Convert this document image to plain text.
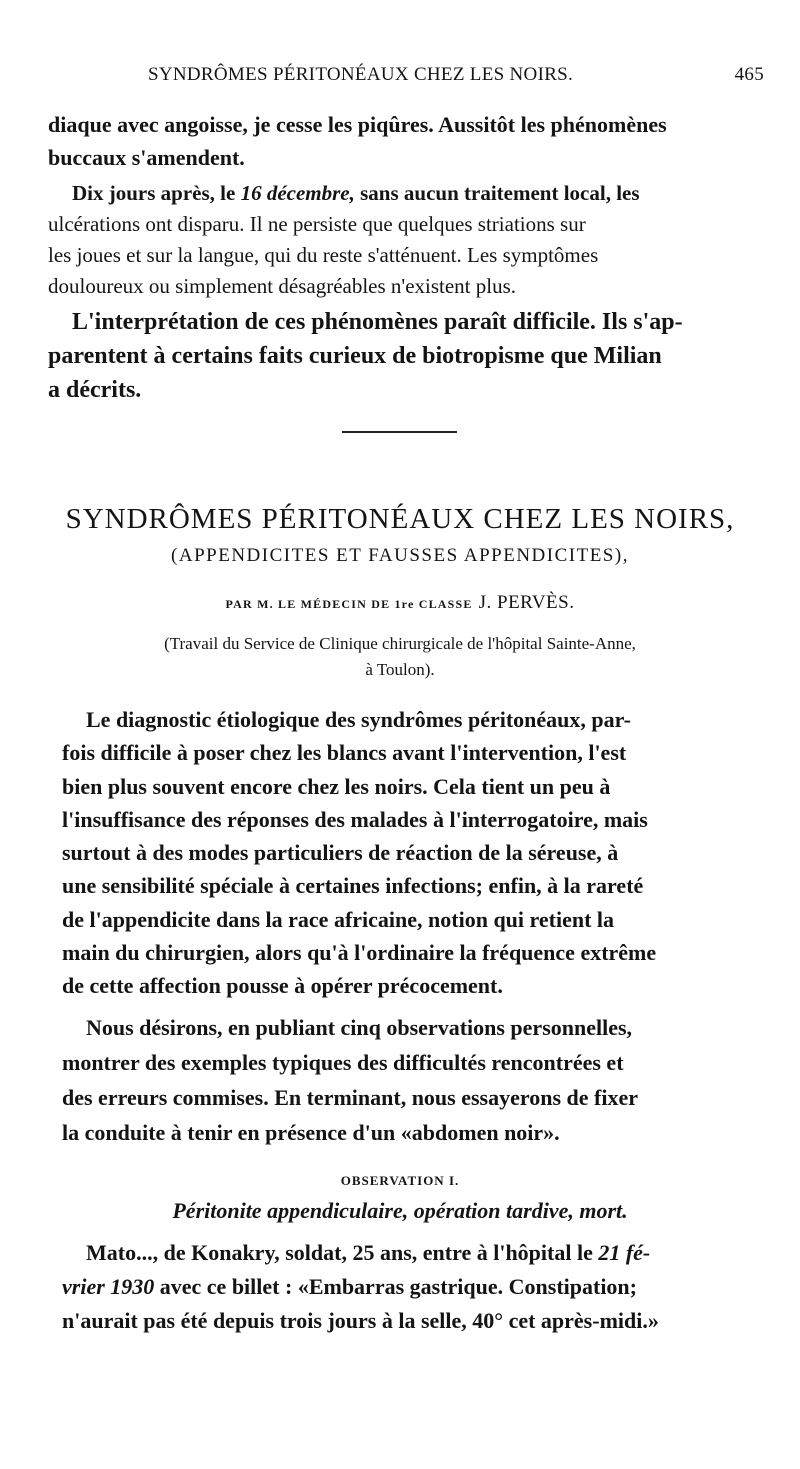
SYNDRÔMES PÉRITONÉAUX CHEZ LES NOIRS.	465
diaque avec angoisse, je cesse les piqûres. Aussitôt les phénomènes
buccaux s'amendent.
Dix jours après, le 16 décembre, sans aucun traitement local, les
ulcérations ont disparu. Il ne persiste que quelques striations sur
les joues et sur la langue, qui du reste s'atténuent. Les symptômes
douloureux ou simplement désagréables n'existent plus.
L'interprétation de ces phénomènes paraît difficile. Ils s'ap-
parentent à certains faits curieux de biotropisme que Milian
a décrits.
SYNDRÔMES PÉRITONÉAUX CHEZ LES NOIRS,
(APPENDICITES ET FAUSSES APPENDICITES),
PAR M. LE MÉDECIN DE 1re CLASSE J. PERVÈS.
(Travail du Service de Clinique chirurgicale de l'hôpital Sainte-Anne,
à Toulon).
Le diagnostic étiologique des syndrômes péritonéaux, par-
fois difficile à poser chez les blancs avant l'intervention, l'est
bien plus souvent encore chez les noirs. Cela tient un peu à
l'insuffisance des réponses des malades à l'interrogatoire, mais
surtout à des modes particuliers de réaction de la séreuse, à
une sensibilité spéciale à certaines infections; enfin, à la rareté
de l'appendicite dans la race africaine, notion qui retient la
main du chirurgien, alors qu'à l'ordinaire la fréquence extrême
de cette affection pousse à opérer précocement.
Nous désirons, en publiant cinq observations personnelles,
montrer des exemples typiques des difficultés rencontrées et
des erreurs commises. En terminant, nous essayerons de fixer
la conduite à tenir en présence d'un «abdomen noir».
OBSERVATION I.
Péritonite appendiculaire, opération tardive, mort.
Mato..., de Konakry, soldat, 25 ans, entre à l'hôpital le 21 fé-
vrier 1930 avec ce billet : «Embarras gastrique. Constipation;
n'aurait pas été depuis trois jours à la selle, 40° cet après-midi.»
